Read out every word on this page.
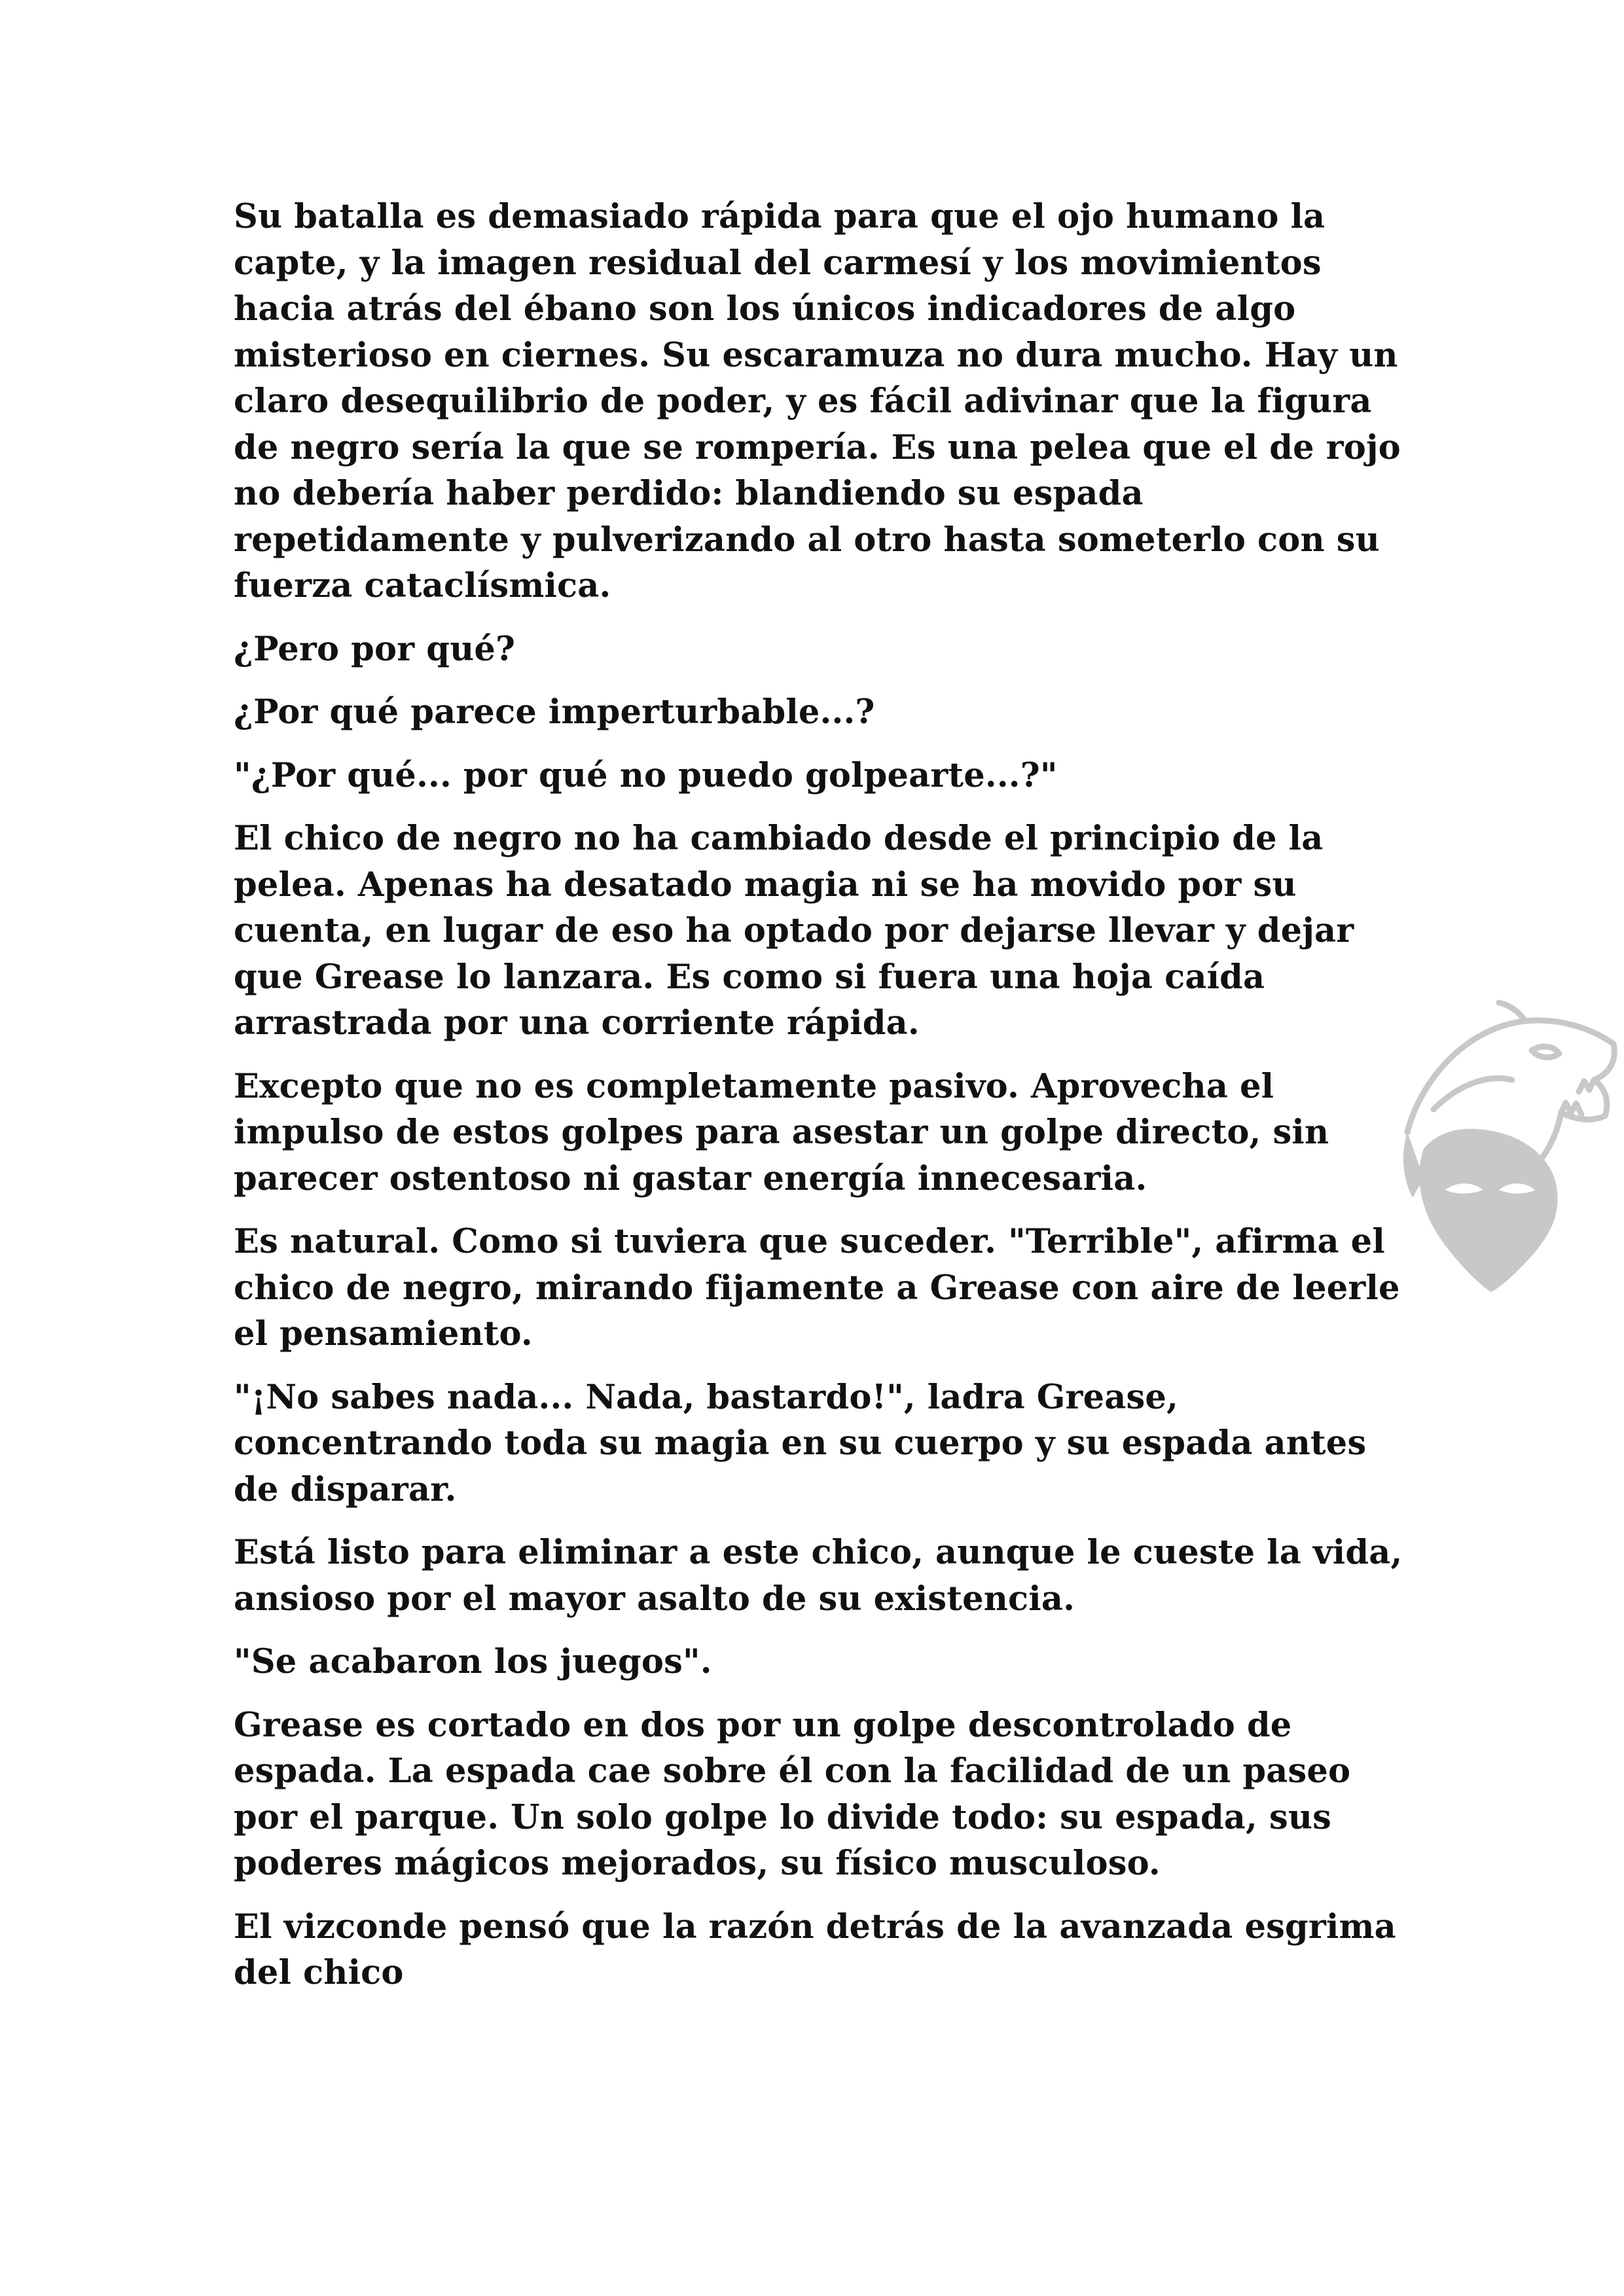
Su batalla es demasiado rápida para que el ojo humano la capte, y la imagen residual del carmesí y los movimientos hacia atrás del ébano son los únicos indicadores de algo misterioso en ciernes. Su escaramuza no dura mucho. Hay un claro desequilibrio de poder, y es fácil adivinar que la figura de negro sería la que se rompería. Es una pelea que el de rojo no debería haber perdido: blandiendo su espada repetidamente y pulverizando al otro hasta someterlo con su fuerza cataclísmica.

¿Pero por qué?

¿Por qué parece imperturbable...?

"¿Por qué... por qué no puedo golpearte...?"

El chico de negro no ha cambiado desde el principio de la pelea. Apenas ha desatado magia ni se ha movido por su cuenta, en lugar de eso ha optado por dejarse llevar y dejar que Grease lo lanzara. Es como si fuera una hoja caída arrastrada por una corriente rápida.

Excepto que no es completamente pasivo. Aprovecha el impulso de estos golpes para asestar un golpe directo, sin parecer ostentoso ni gastar energía innecesaria.

Es natural. Como si tuviera que suceder. "Terrible", afirma el chico de negro, mirando fijamente a Grease con aire de leerle el pensamiento.

"¡No sabes nada... Nada, bastardo!", ladra Grease, concentrando toda su magia en su cuerpo y su espada antes de disparar.

Está listo para eliminar a este chico, aunque le cueste la vida, ansioso por el mayor asalto de su existencia.

"Se acabaron los juegos".

Grease es cortado en dos por un golpe descontrolado de espada. La espada cae sobre él con la facilidad de un paseo por el parque. Un solo golpe lo divide todo: su espada, sus poderes mágicos mejorados, su físico musculoso.

El vizconde pensó que la razón detrás de la avanzada esgrima del chico
